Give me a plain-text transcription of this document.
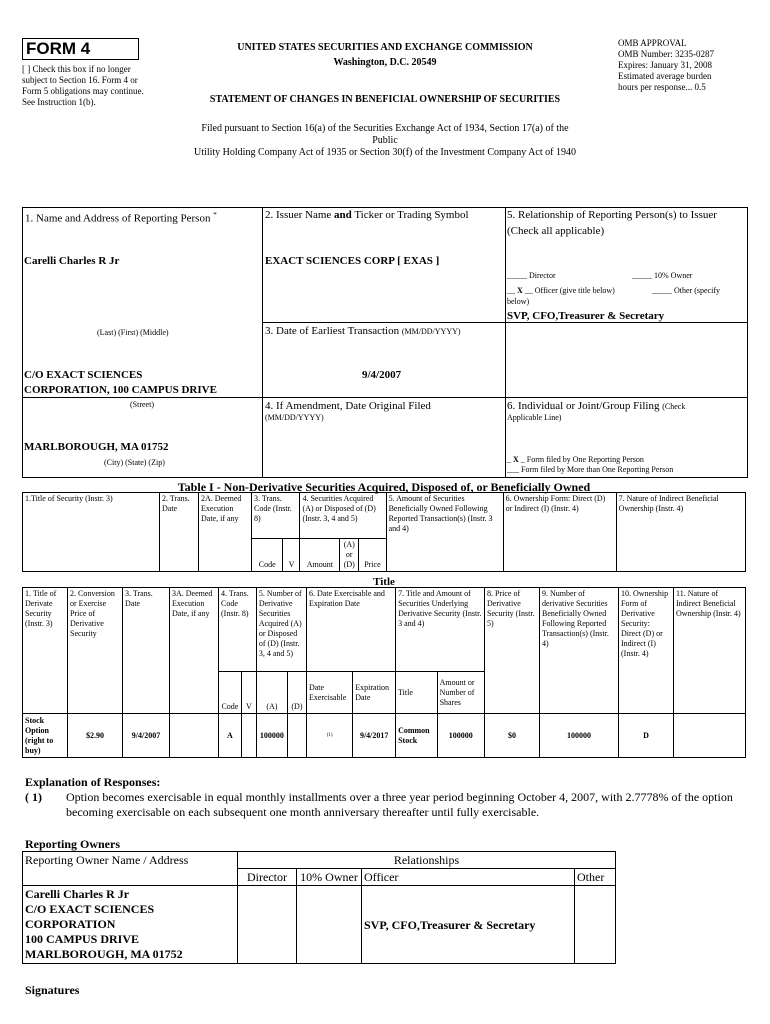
FORM 4
[ ] Check this box if no longer subject to Section 16. Form 4 or Form 5 obligations may continue. See Instruction 1(b).
UNITED STATES SECURITIES AND EXCHANGE COMMISSION
Washington, D.C. 20549
STATEMENT OF CHANGES IN BENEFICIAL OWNERSHIP OF SECURITIES
OMB APPROVAL
OMB Number: 3235-0287
Expires: January 31, 2008
Estimated average burden
hours per response... 0.5
Filed pursuant to Section 16(a) of the Securities Exchange Act of 1934, Section 17(a) of the
Public
Utility Holding Company Act of 1935 or Section 30(f) of the Investment Company Act of 1940
1. Name and Address of Reporting Person *
Carelli Charles R Jr
(Last) (First) (Middle)
C/O EXACT SCIENCES
CORPORATION, 100 CAMPUS DRIVE
(Street)
MARLBOROUGH, MA 01752
(City) (State) (Zip)
2. Issuer Name and Ticker or Trading Symbol
EXACT SCIENCES CORP [ EXAS ]
3. Date of Earliest Transaction (MM/DD/YYYY)
9/4/2007
4. If Amendment, Date Original Filed
(MM/DD/YYYY)
5. Relationship of Reporting Person(s) to Issuer
(Check all applicable)
_____ Director	_____ 10% Owner
__ X __ Officer (give title below)	_____ Other (specify
below)
SVP, CFO,Treasurer & Secretary
6. Individual or Joint/Group Filing (Check
Applicable Line)
_ X _ Form filed by One Reporting Person
___ Form filed by More than One Reporting Person
Table I - Non-Derivative Securities Acquired, Disposed of, or Beneficially Owned
1.Title of Security (Instr. 3)	2. Trans. Date	2A. Deemed Execution Date, if any	3. Trans. Code (Instr. 8)		4. Securities Acquired (A) or Disposed of (D) (Instr. 3, 4 and 5)			5. Amount of Securities Beneficially Owned Following Reported Transaction(s) (Instr. 3 and 4)	6. Ownership Form: Direct (D) or Indirect (I) (Instr. 4)	7. Nature of Indirect Beneficial Ownership (Instr. 4)
			Code	V	Amount	(A) or (D)	Price			
Title
1. Title of Derivate Security (Instr. 3)	2. Conversion or Exercise Price of Derivative Security	3. Trans. Date	3A. Deemed Execution Date, if any	4. Trans. Code (Instr. 8)		5. Number of Derivative Securities Acquired (A) or Disposed of (D) (Instr. 3, 4 and 5)		6. Date Exercisable and Expiration Date		7. Title and Amount of Securities Underlying Derivative Security (Instr. 3 and 4)		8. Price of Derivative Security (Instr. 5)	9. Number of derivative Securities Beneficially Owned Following Reported Transaction(s) (Instr. 4)	10. Ownership Form of Derivative Security: Direct (D) or Indirect (I) (Instr. 4)	11. Nature of Indirect Beneficial Ownership (Instr. 4)
				Code	V	(A)	(D)	Date Exercisable	Expiration Date	Title	Amount or Number of Shares				
Stock Option (right to buy)	$2.90	9/4/2007		A		100000		(1)	9/4/2017	Common Stock	100000	$0	100000	D	
Explanation of Responses:
( 1) Option becomes exercisable in equal monthly installments over a three year period beginning October 4, 2007, with 2.7778% of the option becoming exercisable on each subsequent one month anniversary thereafter until fully exercisable.
Reporting Owners
Reporting Owner Name / Address	Relationships			
	Director	10% Owner	Officer	Other

Carelli Charles R Jr
C/O EXACT SCIENCES
CORPORATION
100 CAMPUS DRIVE
MARLBOROUGH, MA 01752			SVP, CFO,Treasurer & Secretary	
Signatures
